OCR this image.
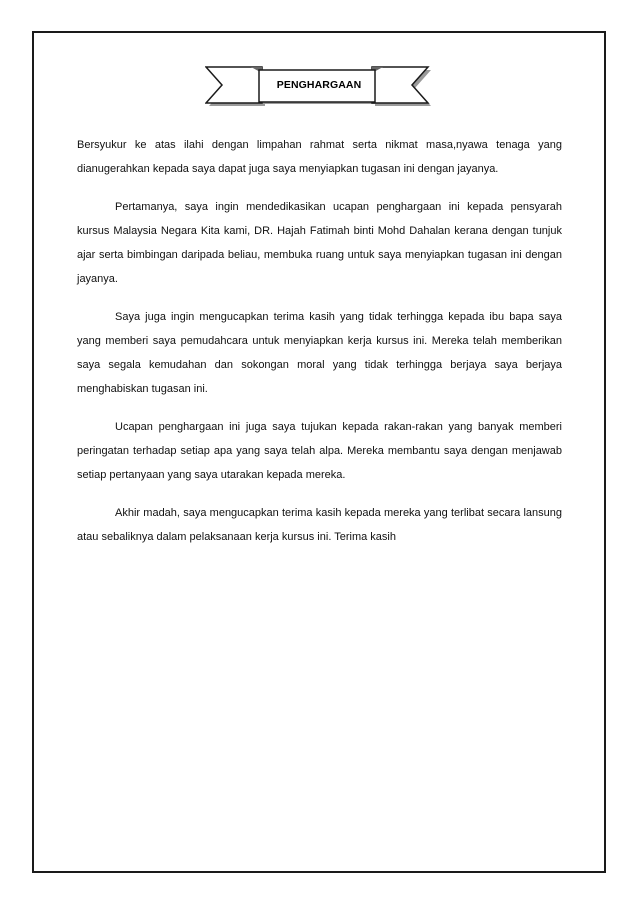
PENGHARGAAN

Bersyukur ke atas ilahi dengan limpahan rahmat serta nikmat masa,nyawa tenaga yang dianugerahkan kepada saya dapat juga saya menyiapkan tugasan ini dengan jayanya.

Pertamanya, saya ingin mendedikasikan ucapan penghargaan ini kepada pensyarah kursus Malaysia Negara Kita kami, DR. Hajah Fatimah binti Mohd Dahalan kerana dengan tunjuk ajar serta bimbingan daripada beliau, membuka ruang untuk saya menyiapkan tugasan ini dengan jayanya.

Saya juga ingin mengucapkan terima kasih yang tidak terhingga kepada ibu bapa saya yang memberi saya pemudahcara untuk menyiapkan kerja kursus ini. Mereka telah memberikan saya segala kemudahan dan sokongan moral yang tidak terhingga berjaya saya berjaya menghabiskan tugasan ini.

Ucapan penghargaan ini juga saya tujukan kepada rakan-rakan yang banyak memberi peringatan terhadap setiap apa yang saya telah alpa. Mereka membantu saya dengan menjawab setiap pertanyaan yang saya utarakan kepada mereka.

Akhir madah, saya mengucapkan terima kasih kepada mereka yang terlibat secara lansung atau sebaliknya dalam pelaksanaan kerja kursus ini. Terima kasih
